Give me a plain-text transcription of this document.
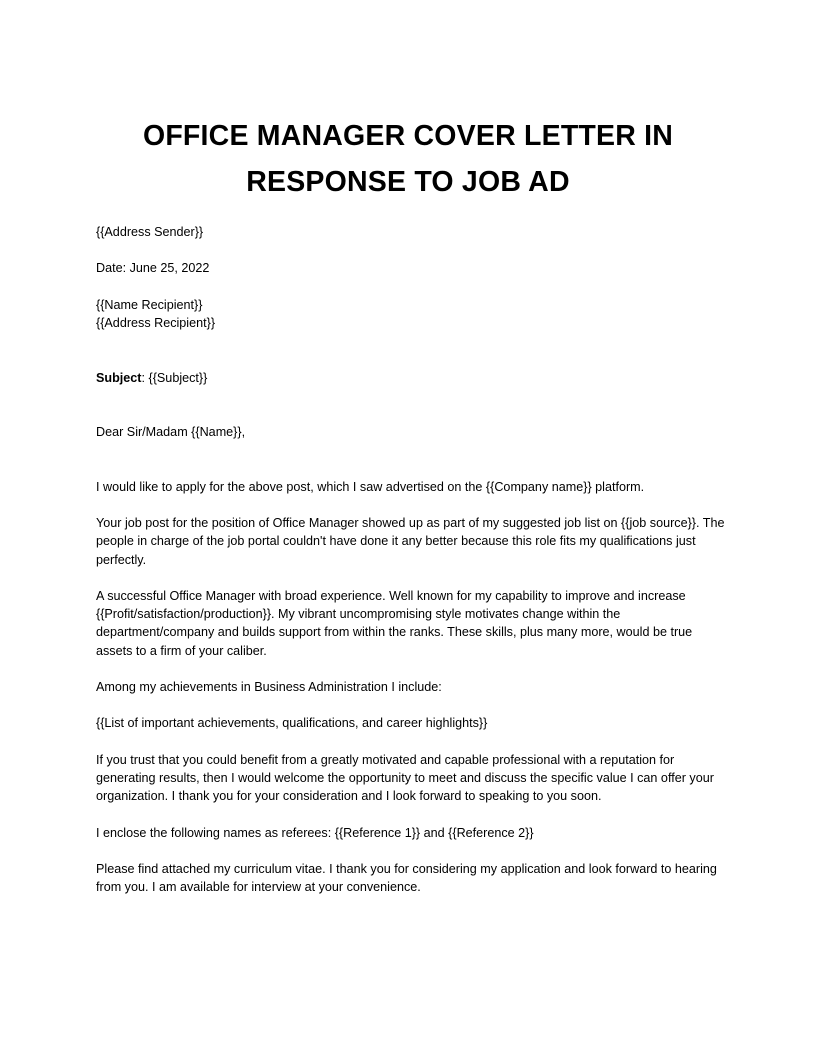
OFFICE MANAGER COVER LETTER IN
RESPONSE TO JOB AD

{{Address Sender}}

Date: June 25, 2022

{{Name Recipient}}

{{Address Recipient}}

Subject: {{Subject}}

Dear Sir/Madam {{Name}},

I would like to apply for the above post, which I saw advertised on the {{Company name}} platform.

Your job post for the position of Office Manager showed up as part of my suggested job list on {{job source}}. The people in charge of the job portal couldn't have done it any better because this role fits my qualifications just perfectly.

A successful Office Manager with broad experience. Well known for my capability to improve and increase {{Profit/satisfaction/production}}. My vibrant uncompromising style motivates change within the department/company and builds support from within the ranks. These skills, plus many more, would be true assets to a firm of your caliber.

Among my achievements in Business Administration I include:

{{List of important achievements, qualifications, and career highlights}}

If you trust that you could benefit from a greatly motivated and capable professional with a reputation for generating results, then I would welcome the opportunity to meet and discuss the specific value I can offer your organization. I thank you for your consideration and I look forward to speaking to you soon.

I enclose the following names as referees: {{Reference 1}} and {{Reference 2}}

Please find attached my curriculum vitae. I thank you for considering my application and look forward to hearing from you. I am available for interview at your convenience.
